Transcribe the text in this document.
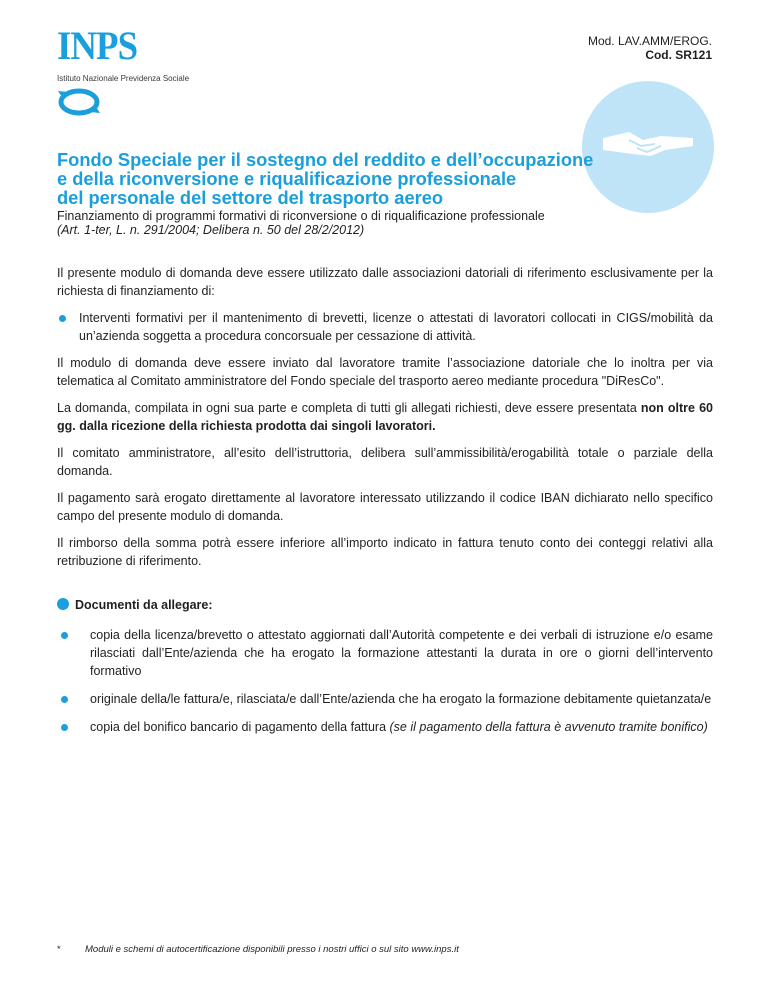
INPS
Istituto Nazionale Previdenza Sociale
Mod. LAV.AMM/EROG.
Cod. SR121
Fondo Speciale per il sostegno del reddito e dell’occupazione
e della riconversione e riqualificazione professionale
del personale del settore del trasporto aereo
Finanziamento di programmi formativi di riconversione o di riqualificazione professionale
(Art. 1-ter, L. n. 291/2004; Delibera n. 50 del 28/2/2012)

Il presente modulo di domanda deve essere utilizzato dalle associazioni datoriali di riferimento esclusivamente per la richiesta di finanziamento di:

Interventi formativi per il mantenimento di brevetti, licenze o attestati di lavoratori collocati in CIGS/mobilità da un’azienda soggetta a procedura concorsuale per cessazione di attività.

Il modulo di domanda deve essere inviato dal lavoratore tramite l’associazione datoriale che lo inoltra per via telematica al Comitato amministratore del Fondo speciale del trasporto aereo mediante procedura "DiResCo".

La domanda, compilata in ogni sua parte e completa di tutti gli allegati richiesti, deve essere presentata non oltre 60 gg. dalla ricezione della richiesta prodotta dai singoli lavoratori.

Il comitato amministratore, all’esito dell’istruttoria, delibera sull’ammissibilità/erogabilità totale o parziale della domanda.

Il pagamento sarà erogato direttamente al lavoratore interessato utilizzando il codice IBAN dichiarato nello specifico campo del presente modulo di domanda.

Il rimborso della somma potrà essere inferiore all’importo indicato in fattura tenuto conto dei conteggi relativi alla retribuzione di riferimento.

Documenti da allegare:
copia della licenza/brevetto o attestato aggiornati dall’Autorità competente e dei verbali di istruzione e/o esame rilasciati dall’Ente/azienda che ha erogato la formazione attestanti la durata in ore o giorni dell’intervento formativo
originale della/le fattura/e, rilasciata/e dall’Ente/azienda che ha erogato la formazione debitamente quietanzata/e
copia del bonifico bancario di pagamento della fattura (se il pagamento della fattura è avvenuto tramite bonifico)
*	Moduli e schemi di autocertificazione disponibili presso i nostri uffici o sul sito www.inps.it
